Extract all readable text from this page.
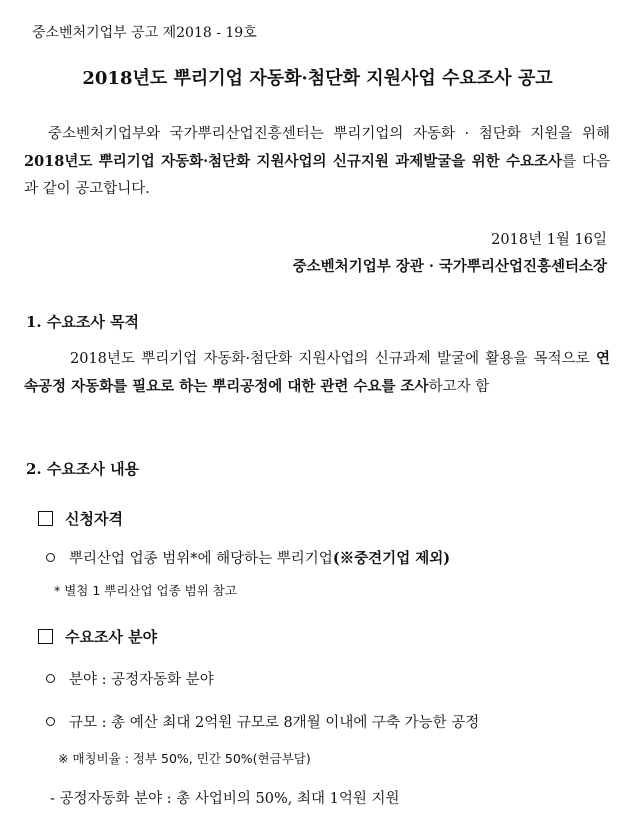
중소벤처기업부 공고 제2018 - 19호
2018년도 뿌리기업 자동화·첨단화 지원사업 수요조사 공고
중소벤처기업부와 국가뿌리산업진흥센터는 뿌리기업의 자동화 · 첨단화 지원을 위해 2018년도 뿌리기업 자동화·첨단화 지원사업의 신규지원 과제발굴을 위한 수요조사를 다음과 같이 공고합니다.
2018년 1월 16일
중소벤처기업부 장관 · 국가뿌리산업진흥센터소장
1. 수요조사 목적
2018년도 뿌리기업 자동화·첨단화 지원사업의 신규과제 발굴에 활용을 목적으로 연속공정 자동화를 필요로 하는 뿌리공정에 대한 관련 수요를 조사하고자 함
2. 수요조사 내용
신청자격
뿌리산업 업종 범위*에 해당하는 뿌리기업 (※중견기업 제외)
* 별첨 1 뿌리산업 업종 범위 참고
수요조사 분야
분야 : 공정자동화 분야
규모 : 총 예산 최대 2억원 규모로 8개월 이내에 구축 가능한 공정
※ 매칭비율 : 정부 50%, 민간 50%(현금부담)
- 공정자동화 분야 : 총 사업비의 50%, 최대 1억원 지원
